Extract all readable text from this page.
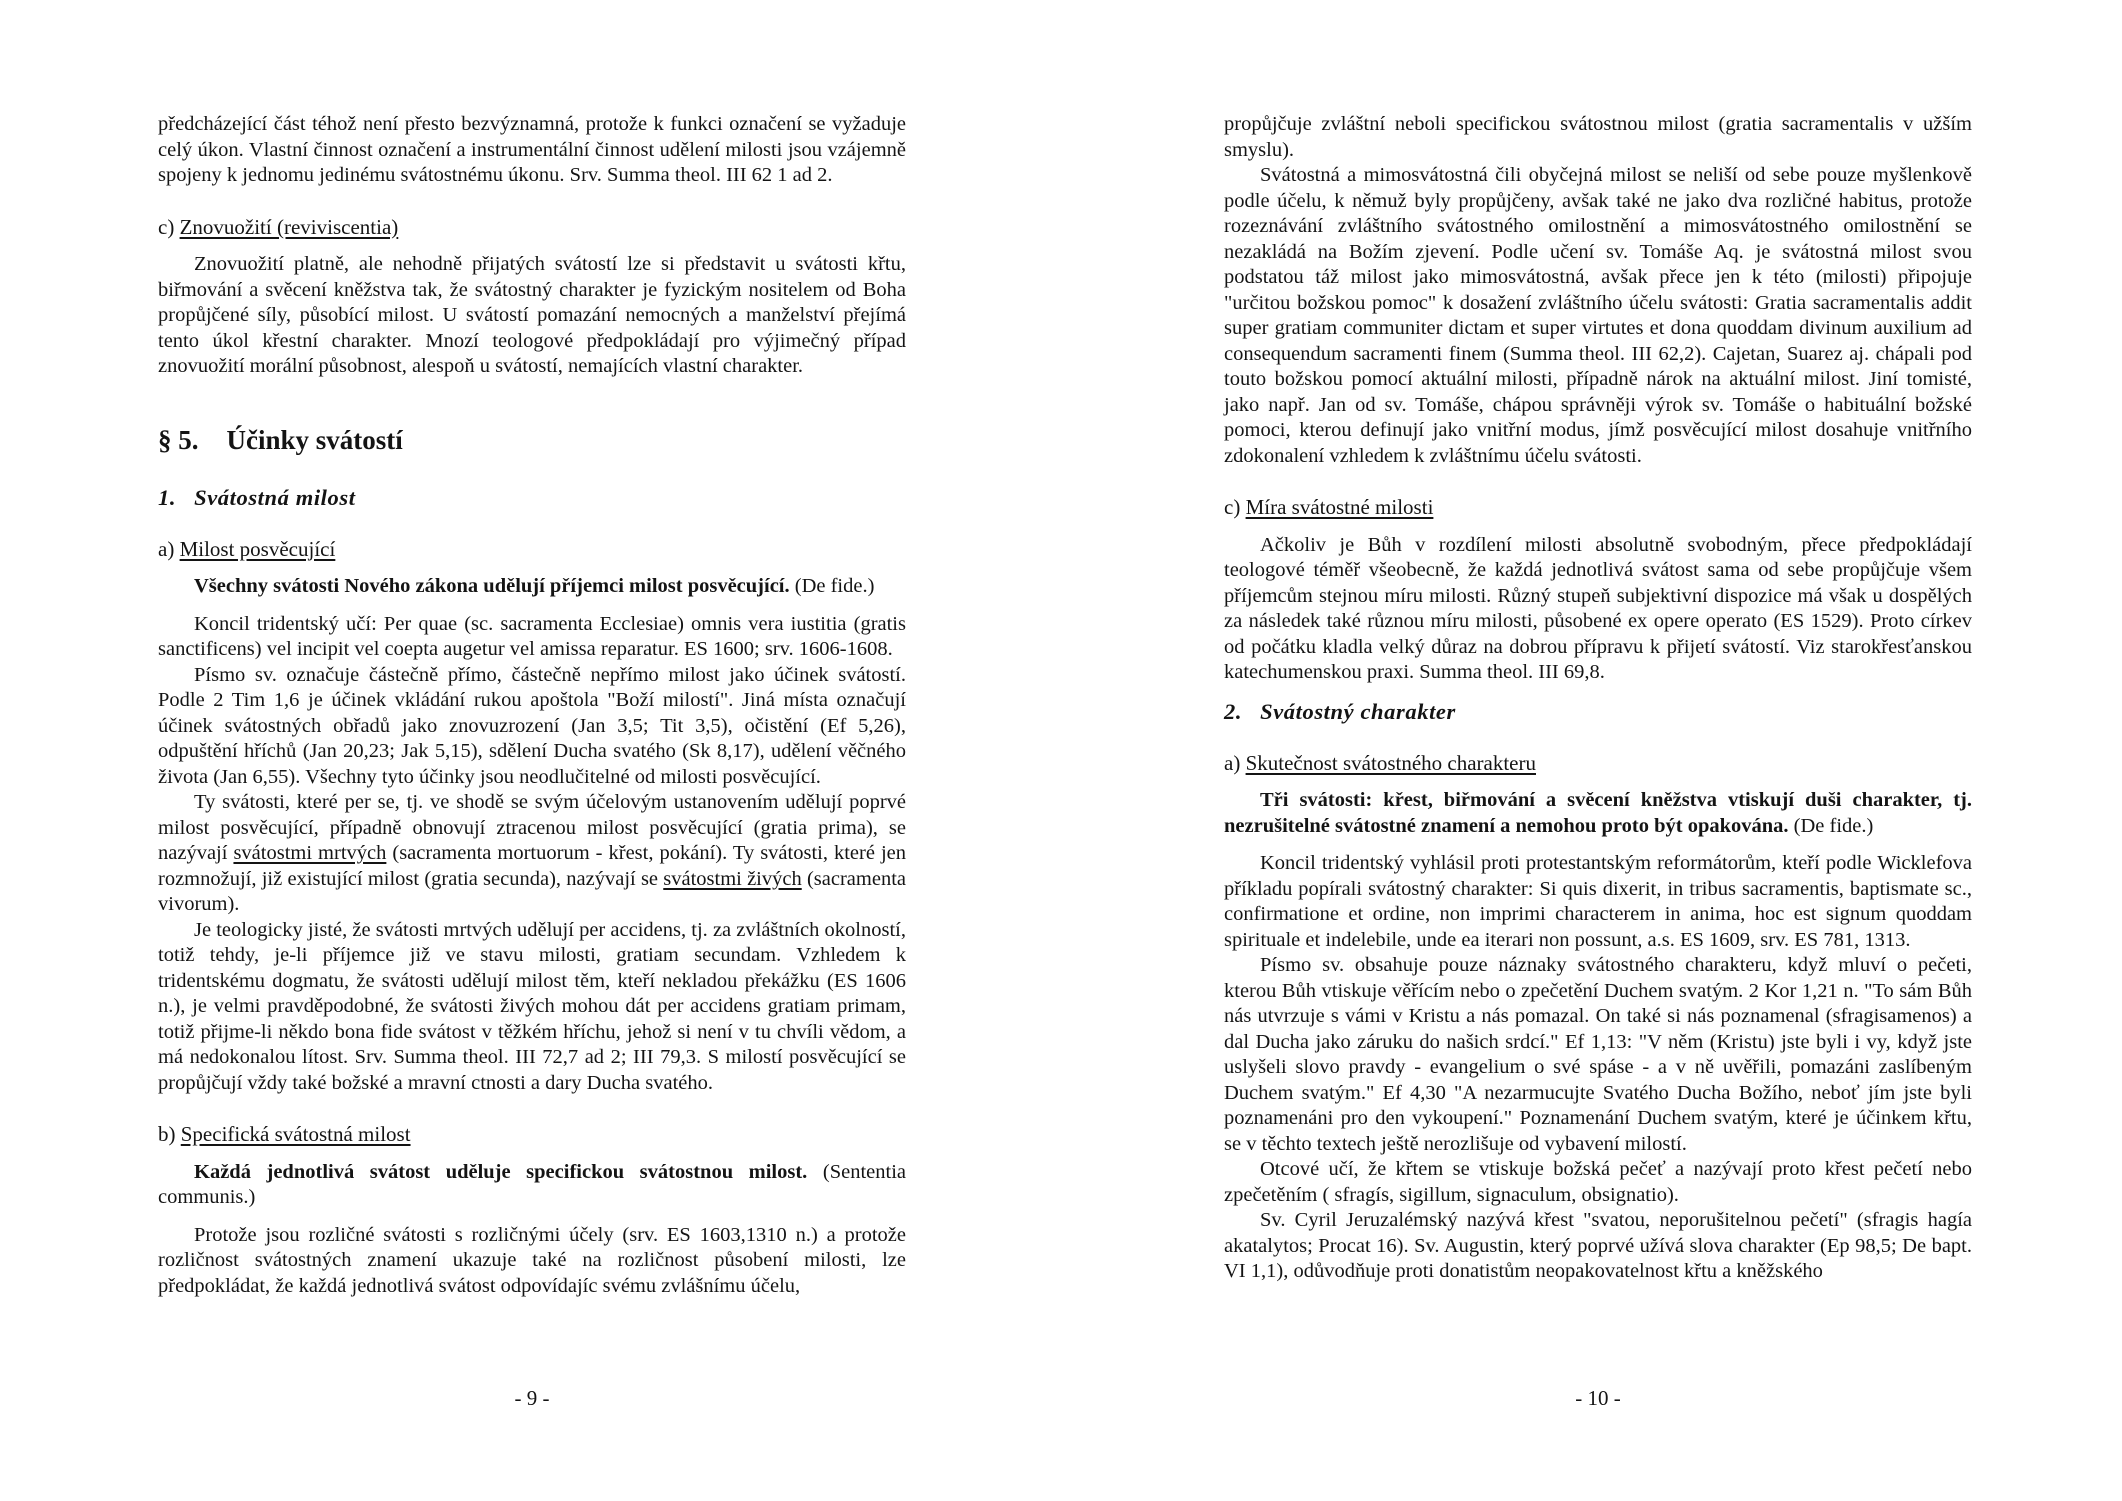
předcházející část téhož není přesto bezvýznamná, protože k funkci označení se vyžaduje celý úkon. Vlastní činnost označení a instrumentální činnost udělení milosti jsou vzájemně spojeny k jednomu jedinému svátostnému úkonu. Srv. Summa theol. III 62 1 ad 2.
c) Znovuožití (reviviscentia)
Znovuožití platně, ale nehodně přijatých svátostí lze si představit u svátosti křtu, biřmování a svěcení kněžstva tak, že svátostný charakter je fyzickým nositelem od Boha propůjčené síly, působící milost. U svátostí pomazání nemocných a manželství přejímá tento úkol křestní charakter. Mnozí teologové předpokládají pro výjimečný případ znovuožití morální působnost, alespoň u svátostí, nemajících vlastní charakter.
§ 5. Účinky svátostí
1. Svátostná milost
a) Milost posvěcující
Všechny svátosti Nového zákona udělují příjemci milost posvěcující. (De fide.)
Koncil tridentský učí: Per quae (sc. sacramenta Ecclesiae) omnis vera iustitia (gratis sanctificens) vel incipit vel coepta augetur vel amissa reparatur. ES 1600; srv. 1606-1608.
Písmo sv. označuje částečně přímo, částečně nepřímo milost jako účinek svátostí. Podle 2 Tim 1,6 je účinek vkládání rukou apoštola "Boží milostí". Jiná místa označují účinek svátostných obřadů jako znovuzrození (Jan 3,5; Tit 3,5), očistění (Ef 5,26), odpuštění hříchů (Jan 20,23; Jak 5,15), sdělení Ducha svatého (Sk 8,17), udělení věčného života (Jan 6,55). Všechny tyto účinky jsou neodlučitelné od milosti posvěcující.
Ty svátosti, které per se, tj. ve shodě se svým účelovým ustanovením udělují poprvé milost posvěcující, případně obnovují ztracenou milost posvěcující (gratia prima), se nazývají svátostmi mrtvých (sacramenta mortuorum - křest, pokání). Ty svátosti, které jen rozmnožují, již existující milost (gratia secunda), nazývají se svátostmi živých (sacramenta vivorum).
Je teologicky jisté, že svátosti mrtvých udělují per accidens, tj. za zvláštních okolností, totiž tehdy, je-li příjemce již ve stavu milosti, gratiam secundam. Vzhledem k tridentskému dogmatu, že svátosti udělují milost těm, kteří nekladou překážku (ES 1606 n.), je velmi pravděpodobné, že svátosti živých mohou dát per accidens gratiam primam, totiž přijme-li někdo bona fide svátost v těžkém hříchu, jehož si není v tu chvíli vědom, a má nedokonalou lítost. Srv. Summa theol. III 72,7 ad 2; III 79,3. S milostí posvěcující se propůjčují vždy také božské a mravní ctnosti a dary Ducha svatého.
b) Specifická svátostná milost
Každá jednotlivá svátost uděluje specifickou svátostnou milost. (Sententia communis.)
Protože jsou rozličné svátosti s rozličnými účely (srv. ES 1603,1310 n.) a protože rozličnost svátostných znamení ukazuje také na rozličnost působení milosti, lze předpokládat, že každá jednotlivá svátost odpovídajíc svému zvlášnímu účelu,
propůjčuje zvláštní neboli specifickou svátostnou milost (gratia sacramentalis v užším smyslu).
Svátostná a mimosvátostná čili obyčejná milost se neliší od sebe pouze myšlenkově podle účelu, k němuž byly propůjčeny, avšak také ne jako dva rozličné habitus, protože rozeznávání zvláštního svátostného omilostnění a mimosvátostného omilostnění se nezakládá na Božím zjevení. Podle učení sv. Tomáše Aq. je svátostná milost svou podstatou táž milost jako mimosvátostná, avšak přece jen k této (milosti) připojuje "určitou božskou pomoc" k dosažení zvláštního účelu svátosti: Gratia sacramentalis addit super gratiam communiter dictam et super virtutes et dona quoddam divinum auxilium ad consequendum sacramenti finem (Summa theol. III 62,2). Cajetan, Suarez aj. chápali pod touto božskou pomocí aktuální milosti, případně nárok na aktuální milost. Jiní tomisté, jako např. Jan od sv. Tomáše, chápou správněji výrok sv. Tomáše o habituální božské pomoci, kterou definují jako vnitřní modus, jímž posvěcující milost dosahuje vnitřního zdokonalení vzhledem k zvláštnímu účelu svátosti.
c) Míra svátostné milosti
Ačkoliv je Bůh v rozdílení milosti absolutně svobodným, přece předpokládají teologové téměř všeobecně, že každá jednotlivá svátost sama od sebe propůjčuje všem příjemcům stejnou míru milosti. Různý stupeň subjektivní dispozice má však u dospělých za následek také různou míru milosti, působené ex opere operato (ES 1529). Proto církev od počátku kladla velký důraz na dobrou přípravu k přijetí svátostí. Viz starokřesťanskou katechumenskou praxi. Summa theol. III 69,8.
2. Svátostný charakter
a) Skutečnost svátostného charakteru
Tři svátosti: křest, biřmování a svěcení kněžstva vtiskují duši charakter, tj. nezrušitelné svátostné znamení a nemohou proto být opakována. (De fide.)
Koncil tridentský vyhlásil proti protestantským reformátorům, kteří podle Wicklefova příkladu popírali svátostný charakter: Si quis dixerit, in tribus sacramentis, baptismate sc., confirmatione et ordine, non imprimi characterem in anima, hoc est signum quoddam spirituale et indelebile, unde ea iterari non possunt, a.s. ES 1609, srv. ES 781, 1313.
Písmo sv. obsahuje pouze náznaky svátostného charakteru, když mluví o pečeti, kterou Bůh vtiskuje věřícím nebo o zpečetění Duchem svatým. 2 Kor 1,21 n. "To sám Bůh nás utvrzuje s vámi v Kristu a nás pomazal. On také si nás poznamenal (sfragisamenos) a dal Ducha jako záruku do našich srdcí." Ef 1,13: "V něm (Kristu) jste byli i vy, když jste uslyšeli slovo pravdy - evangelium o své spáse - a v ně uvěřili, pomazáni zaslíbeným Duchem svatým." Ef 4,30 "A nezarmucujte Svatého Ducha Božího, neboť jím jste byli poznamenáni pro den vykoupení." Poznamenání Duchem svatým, které je účinkem křtu, se v těchto textech ještě nerozlišuje od vybavení milostí.
Otcové učí, že křtem se vtiskuje božská pečeť a nazývají proto křest pečetí nebo zpečetěním ( sfragís, sigillum, signaculum, obsignatio).
Sv. Cyril Jeruzalémský nazývá křest "svatou, neporušitelnou pečetí" (sfragis hagía akatalytos; Procat 16). Sv. Augustin, který poprvé užívá slova charakter (Ep 98,5; De bapt. VI 1,1), odůvodňuje proti donatistům neopakovatelnost křtu a kněžského
- 9 -	- 10 -
